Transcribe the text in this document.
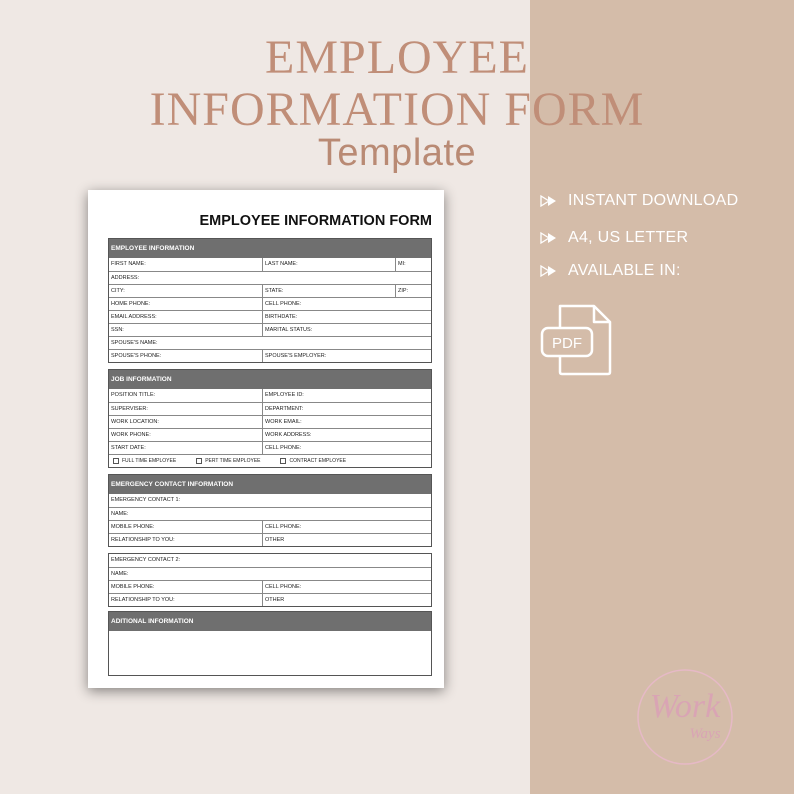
EMPLOYEE
INFORMATION FORM
Template
EMPLOYEE INFORMATION FORM
EMPLOYEE INFORMATION
FIRST NAME:	LAST NAME:	MI:
ADDRESS:
CITY:	STATE:	ZIP:
HOME PHONE:	CELL PHONE:
EMAIL ADDRESS:	BIRTHDATE:
SSN:	MARITAL STATUS:
SPOUSE'S NAME:
SPOUSE'S PHONE:	SPOUSE'S EMPLOYER:
JOB INFORMATION
POSITION TITLE:	EMPLOYEE ID:
SUPERVISER:	DEPARTMENT:
WORK LOCATION:	WORK EMAIL:
WORK PHONE:	WORK ADDRESS:
START DATE:	CELL PHONE:
FULL TIME EMPLOYEE	PERT TIME EMPLOYEE	CONTRACT EMPLOYEE
EMERGENCY CONTACT INFORMATION
EMERGENCY CONTACT 1:
NAME:
MOBILE PHONE:	CELL PHONE:
RELATIONSHIP TO YOU:	OTHER
EMERGENCY CONTACT 2:
NAME:
MOBILE PHONE:	CELL PHONE:
RELATIONSHIP TO YOU:	OTHER
ADITIONAL INFORMATION
INSTANT DOWNLOAD
A4, US LETTER
AVAILABLE IN:
PDF
Work
Ways
